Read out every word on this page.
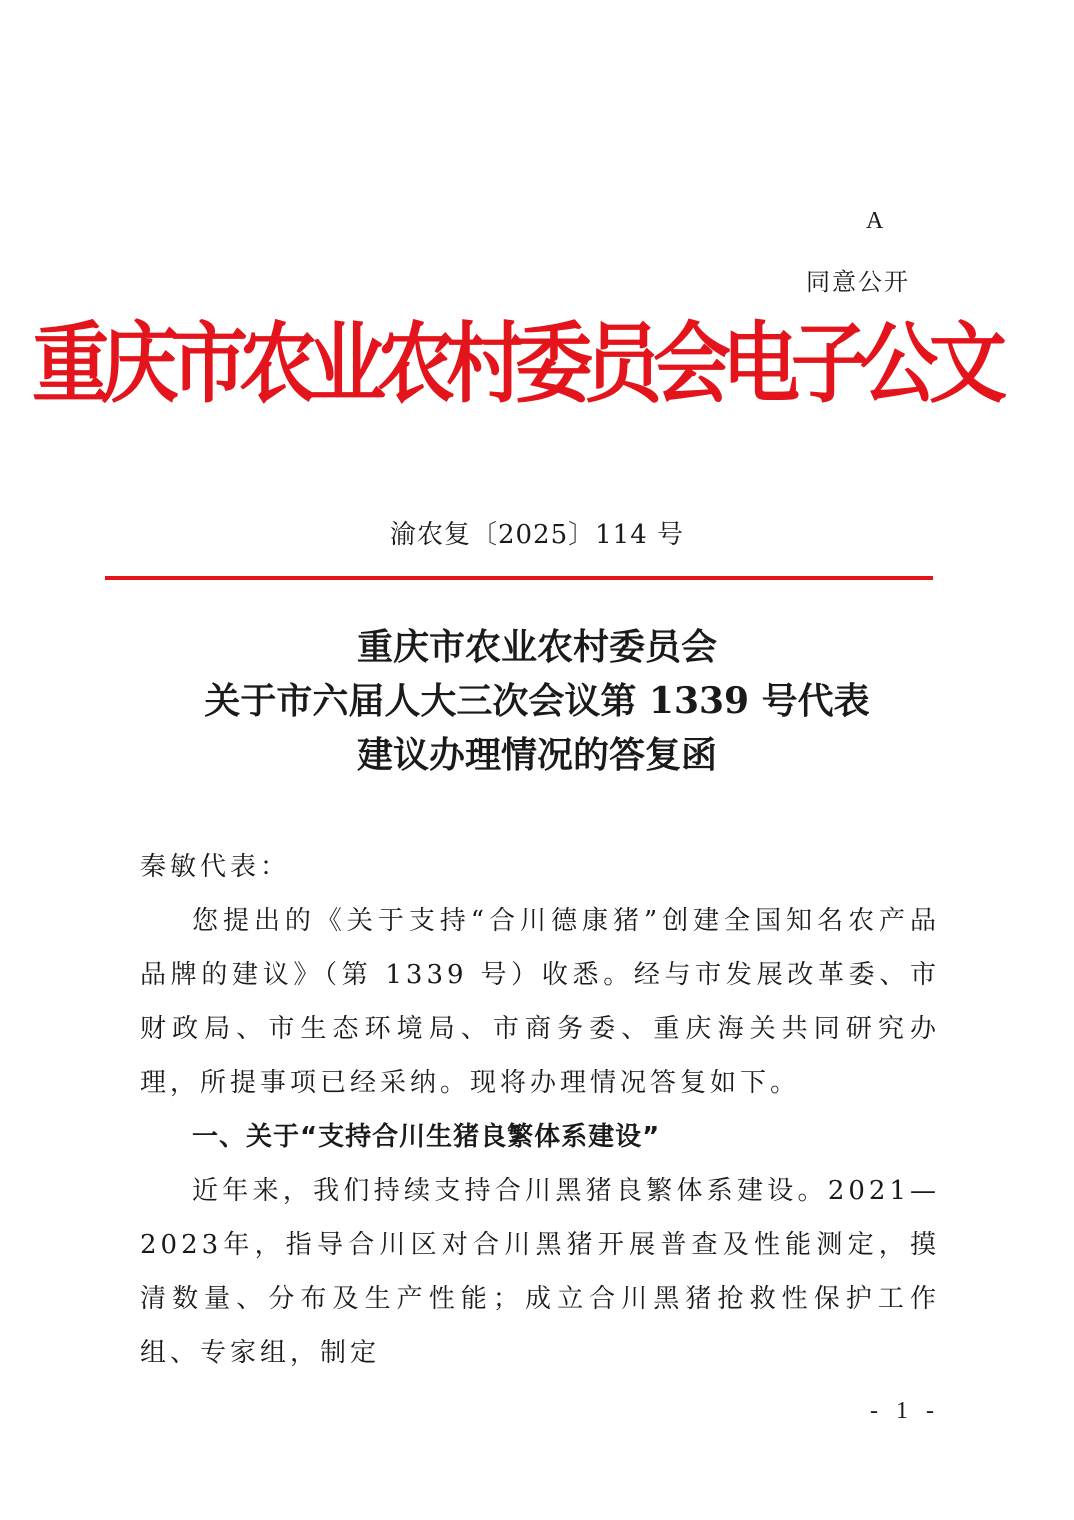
A
同意公开
重庆市农业农村委员会电子公文
渝农复〔2025〕114 号
重庆市农业农村委员会
关于市六届人大三次会议第 1339 号代表
建议办理情况的答复函

秦敏代表：

您提出的《关于支持“合川德康猪”创建全国知名农产品品牌的建议》（第 1339 号）收悉。经与市发展改革委、市财政局、市生态环境局、市商务委、重庆海关共同研究办理，所提事项已经采纳。现将办理情况答复如下。

一、关于“支持合川生猪良繁体系建设”

近年来，我们持续支持合川黑猪良繁体系建设。2021—2023年，指导合川区对合川黑猪开展普查及性能测定，摸清数量、分布及生产性能；成立合川黑猪抢救性保护工作组、专家组，制定

- 1 -
